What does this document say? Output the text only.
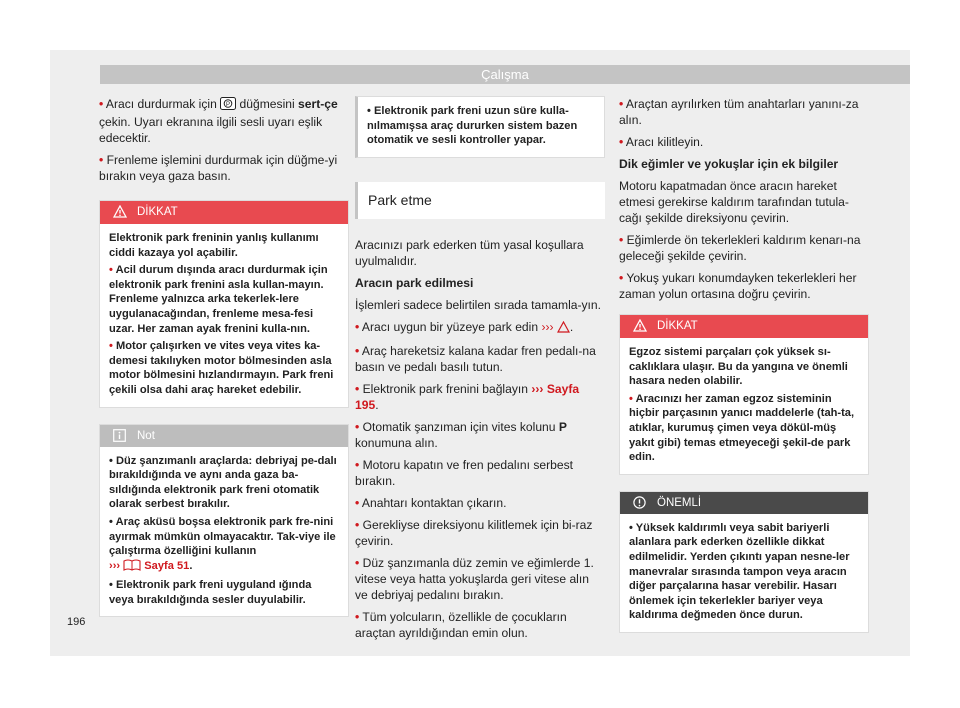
Çalışma

• Aracı durdurmak için P düğmesini sert-çe çekin. Uyarı ekranına ilgili sesli uyarı eşlik edecektir.

• Frenleme işlemini durdurmak için düğme-yi bırakın veya gaza basın.

DİKKAT

Elektronik park freninin yanlış kullanımı ciddi kazaya yol açabilir.

• Acil durum dışında aracı durdurmak için elektronik park frenini asla kullan-mayın. Frenleme yalnızca arka tekerlek-lere uygulanacağından, frenleme mesa-fesi uzar. Her zaman ayak frenini kulla-nın.

• Motor çalışırken ve vites veya vites ka-demesi takılıyken motor bölmesinden asla motor bölmesini hızlandırmayın. Park freni çekili olsa dahi araç hareket edebilir.

Not

• Düz şanzımanlı araçlarda: debriyaj pe-dalı bırakıldığında ve aynı anda gaza ba-sıldığında elektronik park freni otomatik olarak serbest bırakılır.

• Araç aküsü boşsa elektronik park fre-nini ayırmak mümkün olmayacaktır. Tak-viye ile çalıştırma özelliğini kullanın
››› Sayfa 51.

• Elektronik park freni uyguland ığında veya bırakıldığında sesler duyulabilir.

• Elektronik park freni uzun süre kulla-nılmamışsa araç dururken sistem bazen otomatik ve sesli kontroller yapar.

Park etme

Aracınızı park ederken tüm yasal koşullara uyulmalıdır.

Aracın park edilmesi

İşlemleri sadece belirtilen sırada tamamla-yın.

• Aracı uygun bir yüzeye park edin ››› .

• Araç hareketsiz kalana kadar fren pedalı-na basın ve pedalı basılı tutun.

• Elektronik park frenini bağlayın ››› Sayfa 195.

• Otomatik şanzıman için vites kolunu P konumuna alın.

• Motoru kapatın ve fren pedalını serbest bırakın.

• Anahtarı kontaktan çıkarın.

• Gerekliyse direksiyonu kilitlemek için bi-raz çevirin.

• Düz şanzımanla düz zemin ve eğimlerde 1. vitese veya hatta yokuşlarda geri vitese alın ve debriyaj pedalını bırakın.

• Tüm yolcuların, özellikle de çocukların araçtan ayrıldığından emin olun.

• Araçtan ayrılırken tüm anahtarları yanını-za alın.

• Aracı kilitleyin.

Dik eğimler ve yokuşlar için ek bilgiler

Motoru kapatmadan önce aracın hareket etmesi gerekirse kaldırım tarafından tutula-cağı şekilde direksiyonu çevirin.

• Eğimlerde ön tekerlekleri kaldırım kenarı-na geleceği şekilde çevirin.

• Yokuş yukarı konumdayken tekerlekleri her zaman yolun ortasına doğru çevirin.

DİKKAT

Egzoz sistemi parçaları çok yüksek sı-caklıklara ulaşır. Bu da yangına ve önemli hasara neden olabilir.

• Aracınızı her zaman egzoz sisteminin hiçbir parçasının yanıcı maddelerle (tah-ta, atıklar, kurumuş çimen veya dökül-müş yakıt gibi) temas etmeyeceği şekil-de park edin.

ÖNEMLİ

• Yüksek kaldırımlı veya sabit bariyerli alanlara park ederken özellikle dikkat edilmelidir. Yerden çıkıntı yapan nesne-ler manevralar sırasında tampon veya aracın diğer parçalarına hasar verebilir. Hasarı önlemek için tekerlekler bariyer veya kaldırıma değmeden önce durun.

196
